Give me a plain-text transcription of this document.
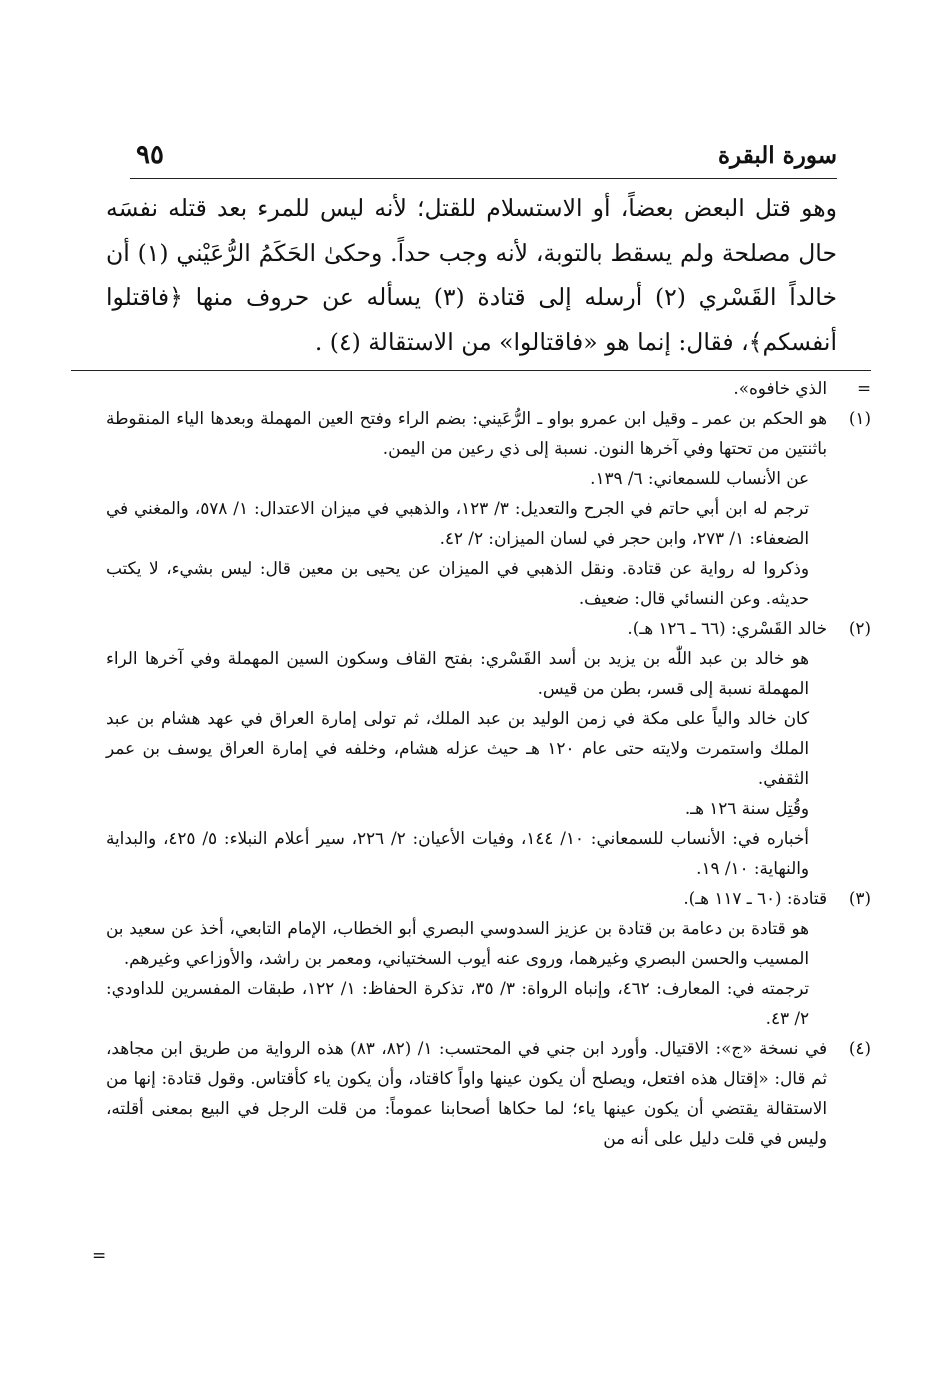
سورة البقرة
٩٥

وهو قتل البعض بعضاً، أو الاستسلام للقتل؛ لأنه ليس للمرء بعد قتله نفسَه حال مصلحة ولم يسقط بالتوبة، لأنه وجب حداً. وحكىٰ الحَكَمُ الرُّعَيْني (١) أن خالداً القَسْري (٢) أرسله إلى قتادة (٣) يسأله عن حروف منها ﴿فاقتلوا أنفسكم﴾، فقال: إنما هو «فاقتالوا» من الاستقالة (٤) .

=

الذي خافوه».

(١)

هو الحكم بن عمر ـ وقيل ابن عمرو بواو ـ الرُّعَيني: بضم الراء وفتح العين المهملة وبعدها الياء المنقوطة باثنتين من تحتها وفي آخرها النون. نسبة إلى ذي رعين من اليمن.

عن الأنساب للسمعاني: ٦/ ١٣٩.

ترجم له ابن أبي حاتم في الجرح والتعديل: ٣/ ١٢٣، والذهبي في ميزان الاعتدال: ١/ ٥٧٨، والمغني في الضعفاء: ١/ ٢٧٣، وابن حجر في لسان الميزان: ٢/ ٤٢.

وذكروا له رواية عن قتادة. ونقل الذهبي في الميزان عن يحيى بن معين قال: ليس بشيء، لا يكتب حديثه. وعن النسائي قال: ضعيف.

(٢)

خالد القَسْري: (٦٦ ـ ١٢٦ هـ).

هو خالد بن عبد اللّٰه بن يزيد بن أسد القَسْري: بفتح القاف وسكون السين المهملة وفي آخرها الراء المهملة نسبة إلى قسر، بطن من قيس.

كان خالد والياً على مكة في زمن الوليد بن عبد الملك، ثم تولى إمارة العراق في عهد هشام بن عبد الملك واستمرت ولايته حتى عام ١٢٠ هـ حيث عزله هشام، وخلفه في إمارة العراق يوسف بن عمر الثقفي.

وقُتِل سنة ١٢٦ هـ.

أخباره في: الأنساب للسمعاني: ١٠/ ١٤٤، وفيات الأعيان: ٢/ ٢٢٦، سير أعلام النبلاء: ٥/ ٤٢٥، والبداية والنهاية: ١٠/ ١٩.

(٣)

قتادة: (٦٠ ـ ١١٧ هـ).

هو قتادة بن دعامة بن قتادة بن عزيز السدوسي البصري أبو الخطاب، الإمام التابعي، أخذ عن سعيد بن المسيب والحسن البصري وغيرهما، وروى عنه أيوب السختياني، ومعمر بن راشد، والأوزاعي وغيرهم.

ترجمته في: المعارف: ٤٦٢، وإنباه الرواة: ٣/ ٣٥، تذكرة الحفاظ: ١/ ١٢٢، طبقات المفسرين للداودي: ٢/ ٤٣.

(٤)

في نسخة «ج»: الاقتيال. وأورد ابن جني في المحتسب: ١/ (٨٢، ٨٣) هذه الرواية من طريق ابن مجاهد، ثم قال: «إقتال هذه افتعل، ويصلح أن يكون عينها واواً كاقتاد، وأن يكون ياء كأقتاس. وقول قتادة: إنها من الاستقالة يقتضي أن يكون عينها ياء؛ لما حكاها أصحابنا عموماً: من قلت الرجل في البيع بمعنى أقلته، وليس في قلت دليل على أنه من

=
